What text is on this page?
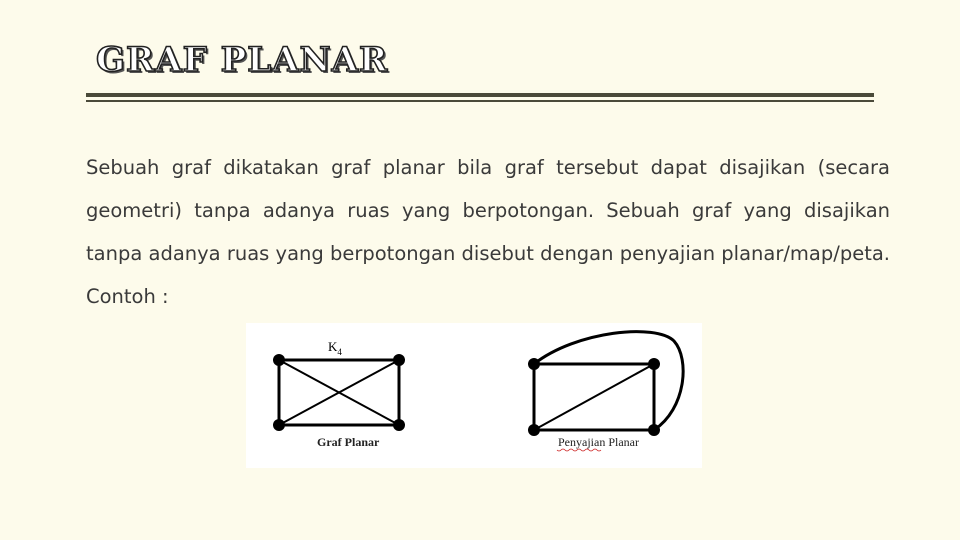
GRAF PLANAR

Sebuah graf dikatakan graf planar bila graf tersebut dapat disajikan (secara geometri) tanpa adanya ruas yang berpotongan. Sebuah graf yang disajikan tanpa adanya ruas yang berpotongan disebut dengan penyajian planar/map/peta. Contoh :

$K_4$
Graf Planar	Penyajian Planar
